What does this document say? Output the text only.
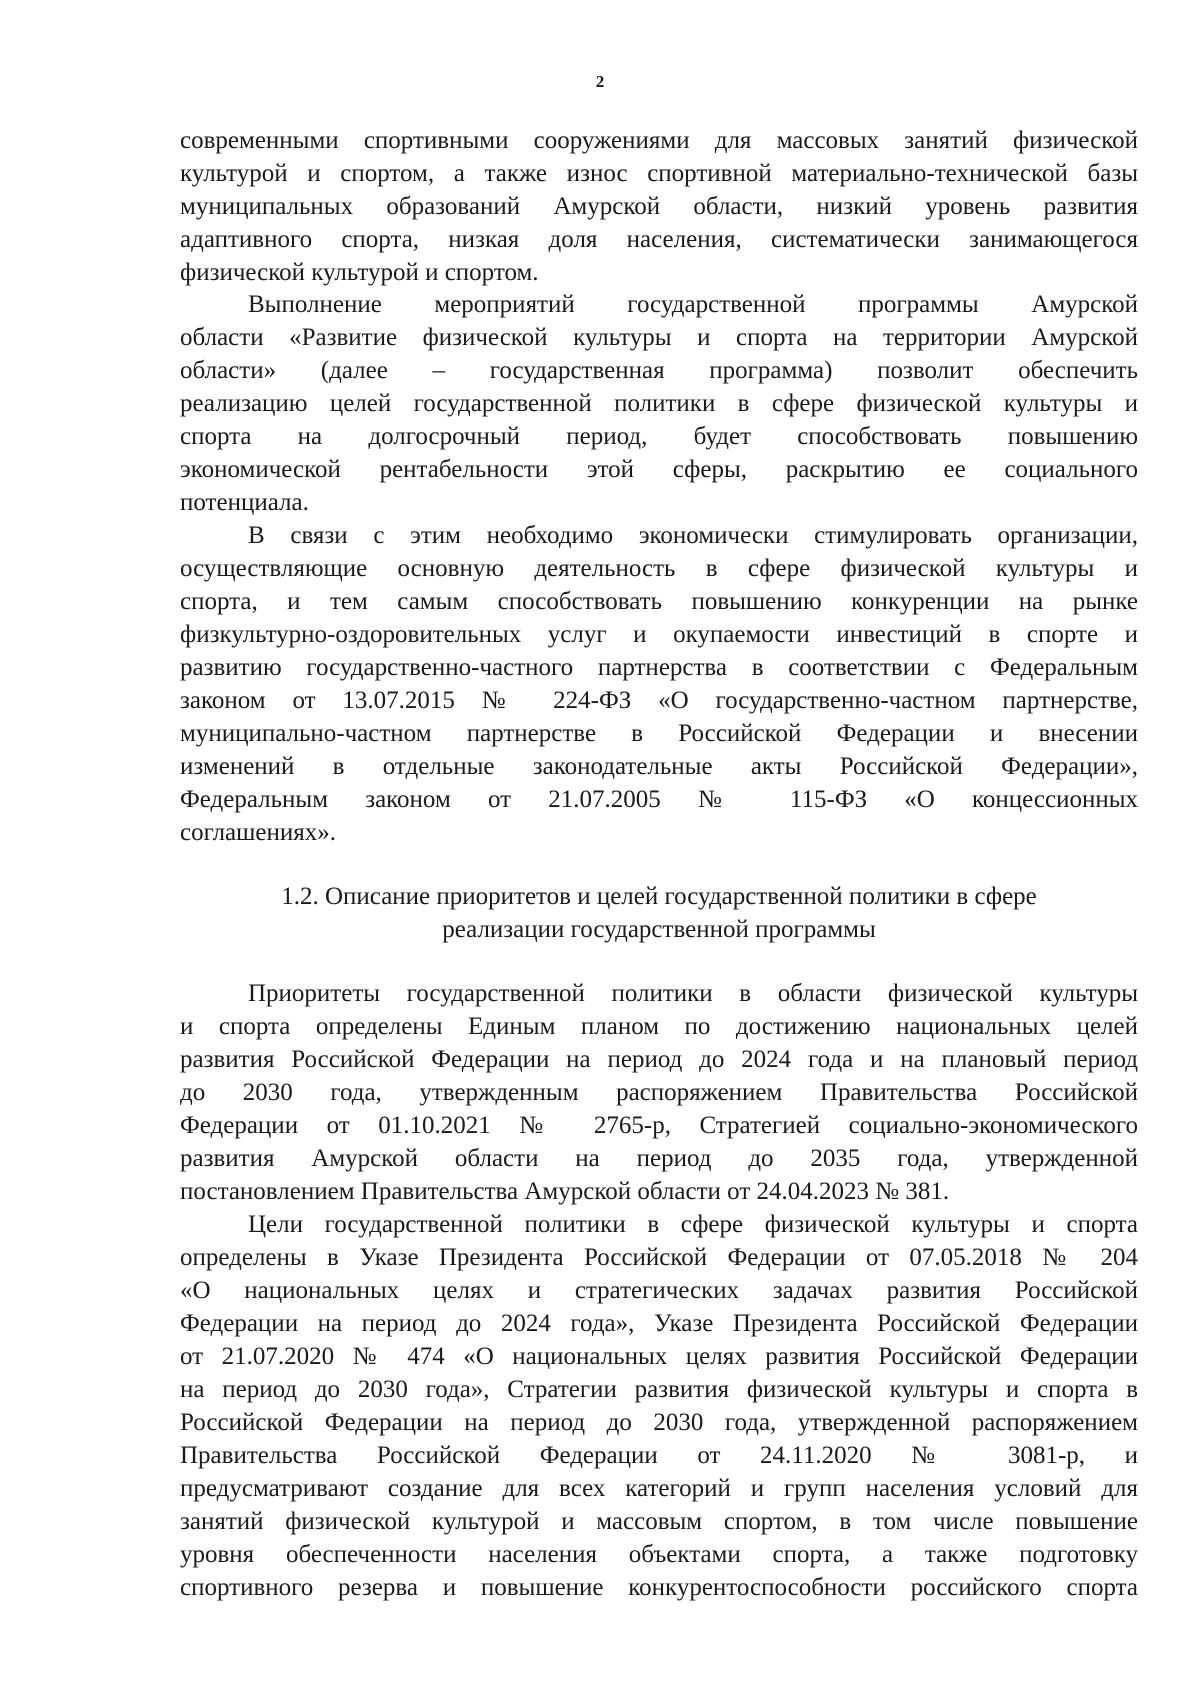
2
современными спортивными сооружениями для массовых занятий физической
культурой и спортом, а также износ спортивной материально-технической базы
муниципальных образований Амурской области, низкий уровень развития
адаптивного спорта, низкая доля населения, систематически занимающегося
физической культурой и спортом.
Выполнение мероприятий государственной программы Амурской
области «Развитие физической культуры и спорта на территории Амурской
области» (далее – государственная программа) позволит обеспечить
реализацию целей государственной политики в сфере физической культуры и
спорта на долгосрочный период, будет способствовать повышению
экономической рентабельности этой сферы, раскрытию ее социального
потенциала.
В связи с этим необходимо экономически стимулировать организации,
осуществляющие основную деятельность в сфере физической культуры и
спорта, и тем самым способствовать повышению конкуренции на рынке
физкультурно-оздоровительных услуг и окупаемости инвестиций в спорте и
развитию государственно-частного партнерства в соответствии с Федеральным
законом от 13.07.2015 № 224-ФЗ «О государственно-частном партнерстве,
муниципально-частном партнерстве в Российской Федерации и внесении
изменений в отдельные законодательные акты Российской Федерации»,
Федеральным законом от 21.07.2005 № 115-ФЗ «О концессионных
соглашениях».
1.2. Описание приоритетов и целей государственной политики в сфере
реализации государственной программы
Приоритеты государственной политики в области физической культуры
и спорта определены Единым планом по достижению национальных целей
развития Российской Федерации на период до 2024 года и на плановый период
до 2030 года, утвержденным распоряжением Правительства Российской
Федерации от 01.10.2021 № 2765-р, Стратегией социально-экономического
развития Амурской области на период до 2035 года, утвержденной
постановлением Правительства Амурской области от 24.04.2023 № 381.
Цели государственной политики в сфере физической культуры и спорта
определены в Указе Президента Российской Федерации от 07.05.2018 № 204
«О национальных целях и стратегических задачах развития Российской
Федерации на период до 2024 года», Указе Президента Российской Федерации
от 21.07.2020 № 474 «О национальных целях развития Российской Федерации
на период до 2030 года», Стратегии развития физической культуры и спорта в
Российской Федерации на период до 2030 года, утвержденной распоряжением
Правительства Российской Федерации от 24.11.2020 № 3081-р, и
предусматривают создание для всех категорий и групп населения условий для
занятий физической культурой и массовым спортом, в том числе повышение
уровня обеспеченности населения объектами спорта, а также подготовку
спортивного резерва и повышение конкурентоспособности российского спорта
